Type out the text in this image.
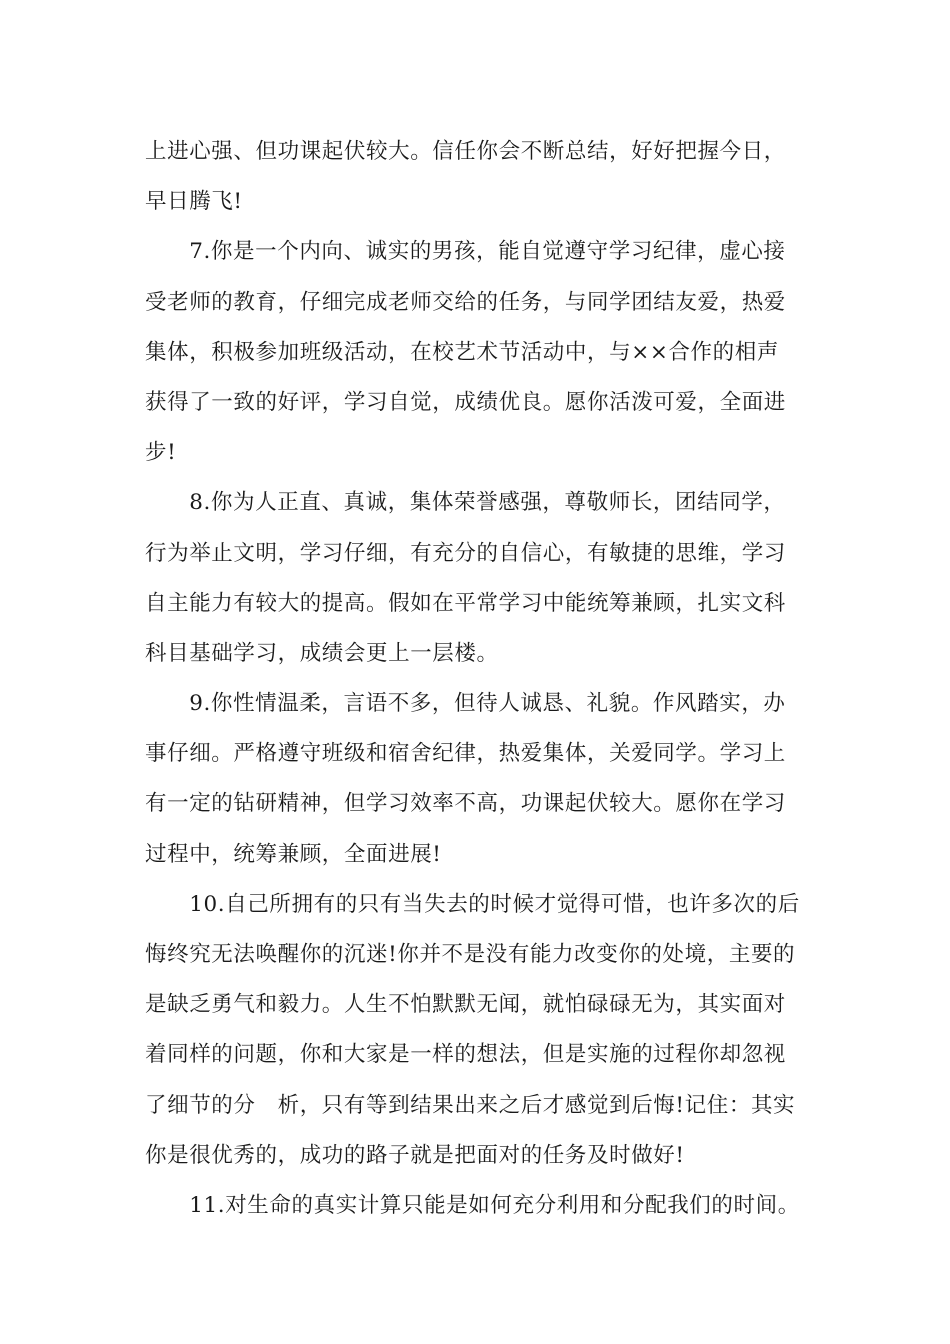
上进心强、但功课起伏较大。信任你会不断总结，好好把握今日，
早日腾飞!
　　7.你是一个内向、诚实的男孩，能自觉遵守学习纪律，虚心接
受老师的教育，仔细完成老师交给的任务，与同学团结友爱，热爱
集体，积极参加班级活动，在校艺术节活动中，与××合作的相声
获得了一致的好评，学习自觉，成绩优良。愿你活泼可爱，全面进
步!
　　8.你为人正直、真诚，集体荣誉感强，尊敬师长，团结同学，
行为举止文明，学习仔细，有充分的自信心，有敏捷的思维，学习
自主能力有较大的提高。假如在平常学习中能统筹兼顾，扎实文科
科目基础学习，成绩会更上一层楼。
　　9.你性情温柔，言语不多，但待人诚恳、礼貌。作风踏实，办
事仔细。严格遵守班级和宿舍纪律，热爱集体，关爱同学。学习上
有一定的钻研精神，但学习效率不高，功课起伏较大。愿你在学习
过程中，统筹兼顾，全面进展!
　　10.自己所拥有的只有当失去的时候才觉得可惜，也许多次的后
悔终究无法唤醒你的沉迷!你并不是没有能力改变你的处境，主要的
是缺乏勇气和毅力。人生不怕默默无闻，就怕碌碌无为，其实面对
着同样的问题，你和大家是一样的想法，但是实施的过程你却忽视
了细节的分　析，只有等到结果出来之后才感觉到后悔!记住：其实
你是很优秀的，成功的路子就是把面对的任务及时做好!
　　11.对生命的真实计算只能是如何充分利用和分配我们的时间。
